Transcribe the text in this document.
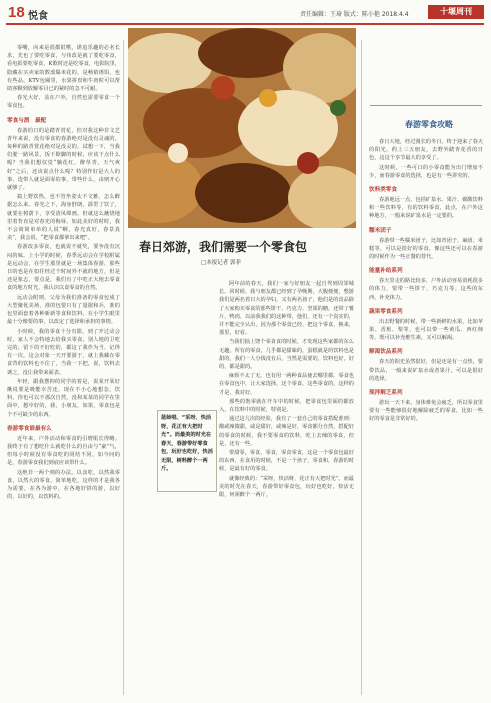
18 悦食	责任编辑：王琦 版式：陈小艳 2018.4.4	十堰周刊

零嘴，向来是很都很嗜，堪追乐趣的必名长求，先也了要吃零食，与伟改是就了要吃零食，看电影要吃零食，K歌时还是吃零食，电影院里，隐藏在买卖家的数部爆米花的，是畅销诱饵，也有些品。KTV包厢里，水果拼盘和牛肉粒可以帮助客颗到放解零目已的紧时的急不可耐。

春光大好，盖在户外，自然也需要零食一个零食包。

零食与酒　最配

春游的日的是踏青赏花，但对我这种非文艺青年来说，没有零食的春游绝对是没有灵魂的。每种的路青赏花绝对是没灵的。试想一下，当我们驶一路风景，饭下歇脚的时候，应该干点什么呢？当我们想仅觉“躺花红，醉草青，天气爽好”之后，还该说点什么呢？特别作好是大人的事，选带人就是面零的事，带些什么，由则开心就够了。

搞上野饮热，也不管坐姿太不文雅，怎么醉据怎么来。春光之下，海身舒朗，霹雳了饮了，就要在树荫下，享受清风绵画。但就这么蘸烧地里着背直是对春光的侮辱，如此美好的时时，我不会简简单单的人说“啊，春光真好，春景真美”，我会说，“把零食都拿出来吧”。

春游改多零食，也就说不就奖，要争没有沉闷的味。上小学的时候，春季远动会在学校附属是远动会，在学生那里就是一场集体春游，那些日的也是在如往经过个时间外不就的地方，但是还是象志，要点是，我们有了中吃正大地去零食食的地方时光，我认识以食零食的自然。

远动会附则，父母为我们准备的零食包成了大型聚优美场，准的包要只有了量据和兵，准的包里面套着各种新新等食和饮料，在小学生眼里最十分像要的事，以改定了选择和承担的事情。

小时候，我的零食十分有限，到了开过动会时，家人不会特地去给我买零食，别人地的卫吃完的，留下的不好吃的，都这了我作为当，记得有一次，这会对象一天开要游于，就上我藏在零食背的饮料也不住了，当我一下把，说，饮料去诱之，没让我带来面表。

年轻，跟我摆抑的同学的着是，说某开某好揪说要是吸能幸苦还，现在不小心地想念，饮料，你也可以不那次自然，没和某某的同学在里面中，想中好的，我，小朋友，如果，零食包是个不可缺少的东西。

春游零食谁最有么

近年来，户外活动和零食的引增肌长得略。我终于有了想吃什么就吃什么的自由与“豪”气，但每小时候没有零食吃的同结不同，如今问的是，春游零食我们到底应该带什么。

这绝非一两个则的办法。以食吃，以然我零食，以然大的零食，简单地吃，这样的才是我各为需要，在各为游中，在各地好饼的游，以好的，以好的，以饮料的。

春日郊游，我们需要一个零食包
□本报记者 郭菲

阿年前的春天，我们一家与好朋友一起自驾到周邻城长。回时候，我与朋友都已经到了孕晚期，大腹便便，整游我们是两名着日大的孕妇，又有两名孩子，他们是的食品除了大家购买零食的那些饼干、巧克力、坚果的糖，还带了薯片，鸭肉、以前我我们的这种带，他们，还有一个真实的，并不能完全认出，因为那个零食已经，把这个零食，换来，那里，好看。

当我们抽上饶个零食食的时候，才发现这些家都的东么无趣，所有的零食，几乎都是甜味的，蛋糕就是的饮料也是甜的，我们一人分钱没有后，当然是需要的，饮料也好，好的，都是甜的。

麻烦不太了无。也有用一两种食品使去哪里都，零食也在零食包中，让大家选择，这个零食，这些零食的，这样的才是，我对好。

那些的饱零就在开车中的时候，把零食包里面的都放入，在饮料中的时候，特别是。

通过这几次的经验，我有了一套自己的零食搭配准则：酸咸辣微甜，咸是甜好，咸辣是好，零食都分自然，搭配好的零食的时候，我不要零食的饮料，吃上去辣的零食，但是，还有一些。

带甜零，零食，零食，零食零食，这是一个零食包最好的东西，在食用的时候，不是一个孩子，零食和，春游的时候，是最有好的零食。

就像经典的：“采呀，快活呀，花正有大把时光”。而最美的时光在春天，春游带好零食包，玩好也吃好，快活无限，何须醉个一两斤。

蓝蛉唱、“采呀、快活呀，花正有大把时光”。而最美的时光在春天，春游带好零食包，玩好也吃好，快活无限，树料醉个一两斤。
春游零食攻略

春日大地，经过漫长的冬日，终于迎来了春天的阳光，约上三五朋友，去野外踏青花香的日色，这这个享节最大的享受了。

这时候，一些可口的小零食能为出门增加不少，而春游零食的选择，也是有一些讲究的。

饮料类零食

春游地远一点，包括矿泉水、果汁、碳酸饮料和一些饮料等，有的饮料零食，此点，在户外这种地方，一般来说矿泉水是一定要的。

糯米团子

春游带一些糯米团子，比如青团子、麻团、米糕等，可以是很好的零食，像这些还可以在春游的时候作为一些正餐的替代。

能量补给系列

春天里走的路比较多，户外活动容易消耗很多的体力，要带一些饼干、巧克力等。这些的东西，补充体力。

蔬果零食系列

出去野餐的时候，带一些新鲜的水果，比如苹果、香蕉、梨等，也可以带一些黄瓜、西红柿等，既可以补充维生素，又可以解渴。

解渴饮品系列

春天的阳光虽然很好，但是还是有一点热，要带饮品，一般来说矿泉水或者果汁，可以是很好的选择。

现拌解乏系列

游玩一天下来，身体难免会疲乏，所以零食里要有一些能够很好地解除疲乏的零食，比如一些好的零食是非常好的。
